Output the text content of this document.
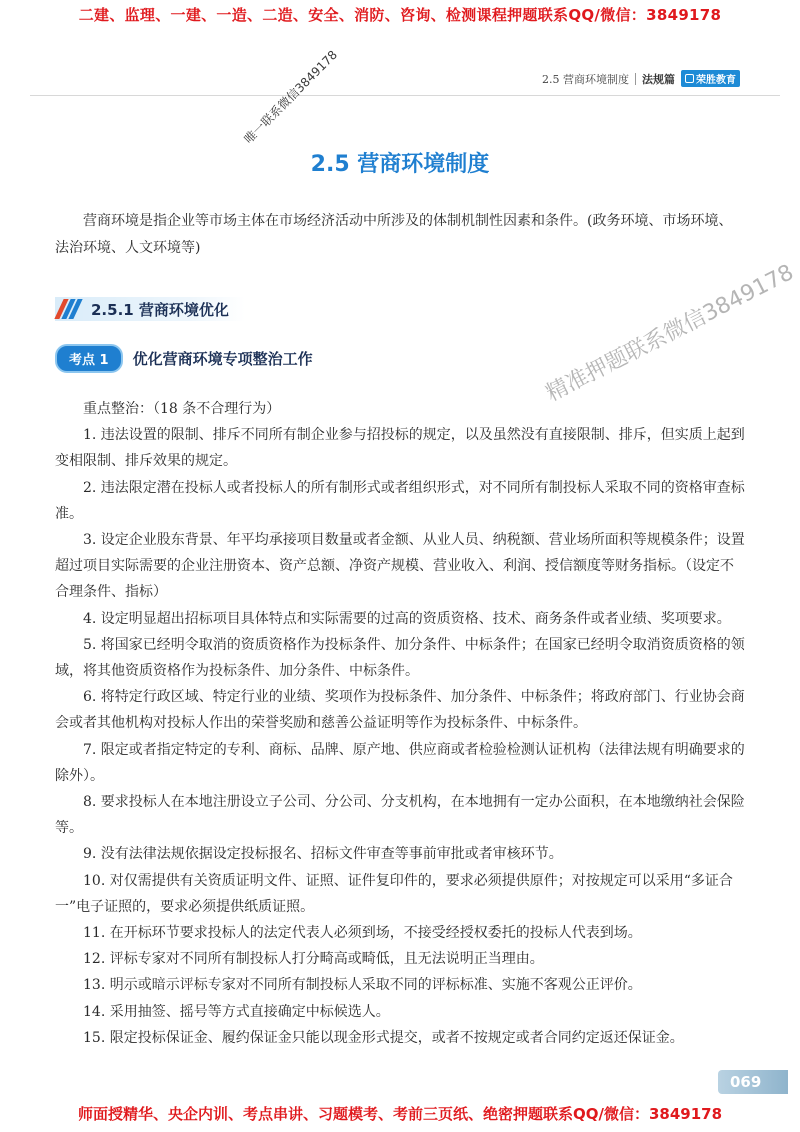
二建、监理、一建、一造、二造、安全、消防、咨询、检测课程押题联系QQ/微信：3849178
2.5 营商环境制度 法规篇 荣胜教育
唯一联系微信3849178
2.5 营商环境制度
营商环境是指企业等市场主体在市场经济活动中所涉及的体制机制性因素和条件。(政务环境、市场环境、法治环境、人文环境等)
2.5.1 营商环境优化
考点 1	优化营商环境专项整治工作	精准押题联系微信3849178

重点整治：（18 条不合理行为）

1. 违法设置的限制、排斥不同所有制企业参与招投标的规定，以及虽然没有直接限制、排斥，但实质上起到变相限制、排斥效果的规定。

2. 违法限定潜在投标人或者投标人的所有制形式或者组织形式，对不同所有制投标人采取不同的资格审查标准。

3. 设定企业股东背景、年平均承接项目数量或者金额、从业人员、纳税额、营业场所面积等规模条件；设置超过项目实际需要的企业注册资本、资产总额、净资产规模、营业收入、利润、授信额度等财务指标。（设定不合理条件、指标）

4. 设定明显超出招标项目具体特点和实际需要的过高的资质资格、技术、商务条件或者业绩、奖项要求。

5. 将国家已经明令取消的资质资格作为投标条件、加分条件、中标条件；在国家已经明令取消资质资格的领域，将其他资质资格作为投标条件、加分条件、中标条件。

6. 将特定行政区域、特定行业的业绩、奖项作为投标条件、加分条件、中标条件；将政府部门、行业协会商会或者其他机构对投标人作出的荣誉奖励和慈善公益证明等作为投标条件、中标条件。

7. 限定或者指定特定的专利、商标、品牌、原产地、供应商或者检验检测认证机构（法律法规有明确要求的除外）。

8. 要求投标人在本地注册设立子公司、分公司、分支机构，在本地拥有一定办公面积，在本地缴纳社会保险等。

9. 没有法律法规依据设定投标报名、招标文件审查等事前审批或者审核环节。

10. 对仅需提供有关资质证明文件、证照、证件复印件的，要求必须提供原件；对按规定可以采用“多证合一”电子证照的，要求必须提供纸质证照。

11. 在开标环节要求投标人的法定代表人必须到场，不接受经授权委托的投标人代表到场。

12. 评标专家对不同所有制投标人打分畸高或畸低，且无法说明正当理由。

13. 明示或暗示评标专家对不同所有制投标人采取不同的评标标准、实施不客观公正评价。

14. 采用抽签、摇号等方式直接确定中标候选人。

15. 限定投标保证金、履约保证金只能以现金形式提交，或者不按规定或者合同约定返还保证金。

069
师面授精华、央企内训、考点串讲、习题模考、考前三页纸、绝密押题联系QQ/微信：3849178
